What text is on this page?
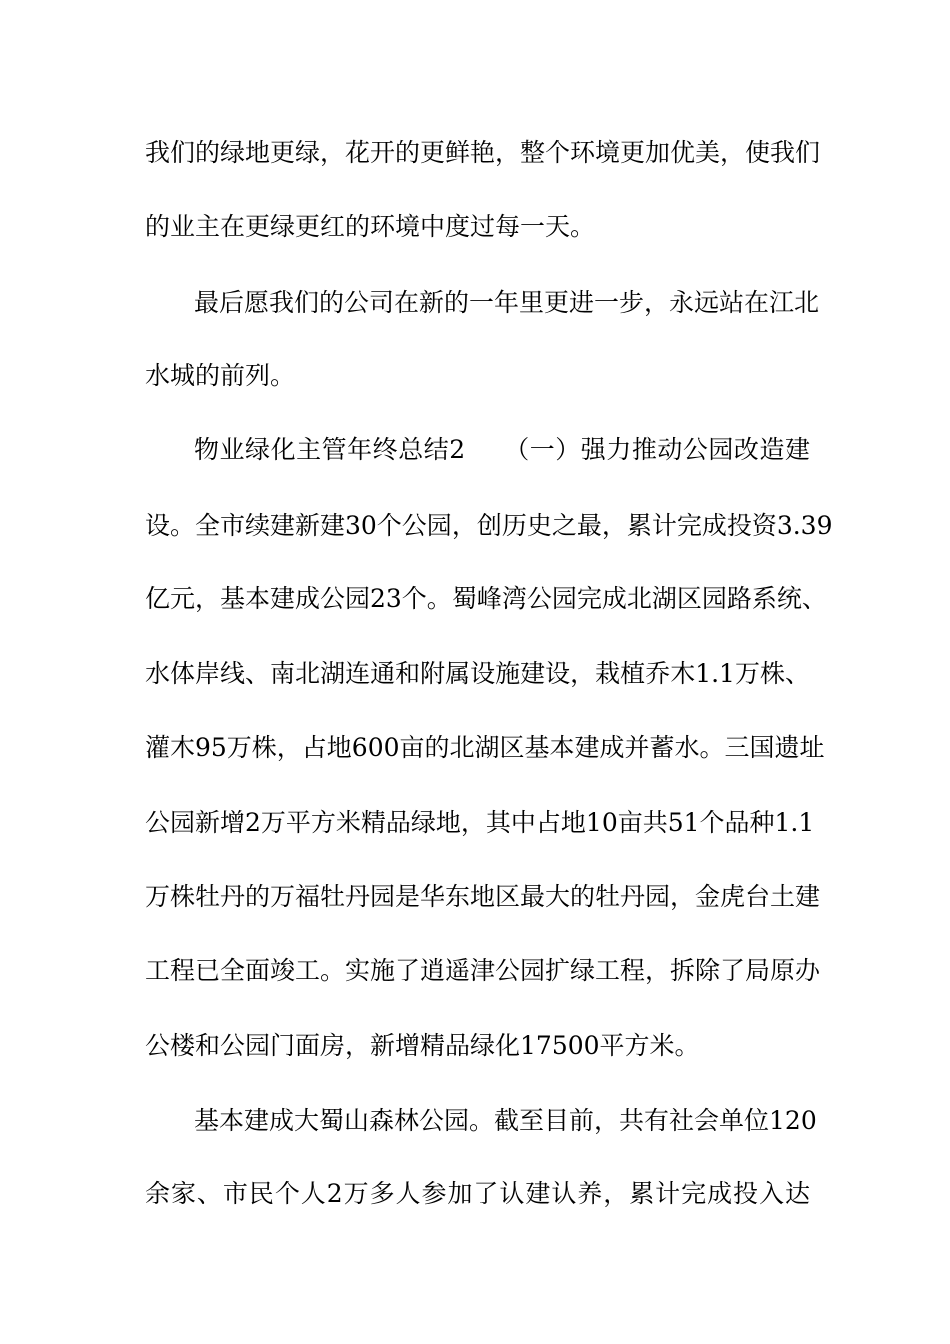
我们的绿地更绿，花开的更鲜艳，整个环境更加优美，使我们
的业主在更绿更红的环境中度过每一天。
最后愿我们的公司在新的一年里更进一步，永远站在江北
水城的前列。
物业绿化主管年终总结2　　（一）强力推动公园改造建
设。全市续建新建30个公园，创历史之最，累计完成投资3.39
亿元，基本建成公园23个。蜀峰湾公园完成北湖区园路系统、
水体岸线、南北湖连通和附属设施建设，栽植乔木1.1万株、
灌木95万株，占地600亩的北湖区基本建成并蓄水。三国遗址
公园新增2万平方米精品绿地，其中占地10亩共51个品种1.1
万株牡丹的万福牡丹园是华东地区最大的牡丹园，金虎台土建
工程已全面竣工。实施了逍遥津公园扩绿工程，拆除了局原办
公楼和公园门面房，新增精品绿化17500平方米。
基本建成大蜀山森林公园。截至目前，共有社会单位120
余家、市民个人2万多人参加了认建认养，累计完成投入达
